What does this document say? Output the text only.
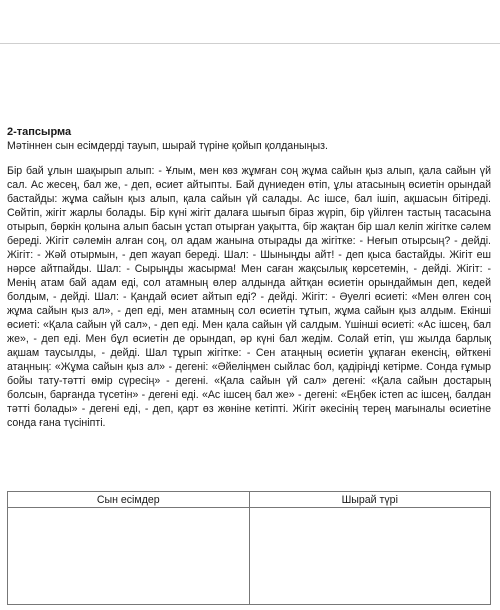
2-тапсырма

Мәтіннен сын есімдерді тауып, шырай түріне қойып қолданыңыз.

Бір бай ұлын шақырып алып: - Ұлым, мен көз жұмған соң жұма сайын қыз алып, қала сайын үй сал. Ас жесең, бал же, - деп, өсиет айтыпты. Бай дүниеден өтіп, ұлы атасының өсиетін орындай бастайды: жұма сайын қыз алып, қала сайын үй салады. Ас ішсе, бал ішіп, ақшасын бітіреді. Сөйтіп, жігіт жарлы болады. Бір күні жігіт далаға шығып біраз жүріп, бір үйілген тастың тасасына отырып, бөркін қолына алып басын ұстап отырған уақытта, бір жақтан бір шал келіп жігітке сәлем береді. Жігіт сәлемін алған соң, ол адам жанына отырады да жігітке: - Неғып отырсың? - дейді. Жігіт: - Жәй отырмын, - деп жауап береді. Шал: - Шыныңды айт! - деп қыса бастайды. Жігіт еш нәрсе айтпайды. Шал: - Сырыңды жасырма! Мен саған жақсылық көрсетемін, - дейді. Жігіт: - Менің атам бай адам еді, сол атамның өлер алдында айтқан өсиетін орындаймын деп, кедей болдым, - дейді. Шал: - Қандай өсиет айтып еді? - дейді. Жігіт: - Әуелгі өсиеті: «Мен өлген соң жұма сайын қыз ал», - деп еді, мен атамның сол өсиетін тұтып, жұма сайын қыз алдым. Екінші өсиеті: «Қала сайын үй сал», - деп еді. Мен қала сайын үй салдым. Үшінші өсиеті: «Ас ішсең, бал же», - деп еді. Мен бұл өсиетін де орындап, әр күні бал жедім. Солай етіп, үш жылда барлық ақшам таусылды, - дейді. Шал тұрып жігітке: - Сен атаңның өсиетін ұқпаған екенсің, өйткені атаңның: «Жұма сайын қыз ал» - дегені: «Әйеліңмен сыйлас бол, қадіріңді кетірме. Сонда ғұмыр бойы тату-тәтті өмір сүресің» - дегені. «Қала сайын үй сал» дегені: «Қала сайын достарың болсын, барғанда түсетін» - дегені еді. «Ас ішсең бал же» - дегені: «Еңбек істеп ас ішсең, балдан тәтті болады» - дегені еді, - деп, қарт өз жөніне кетіпті. Жігіт әкесінің терең мағыналы өсиетіне сонда ғана түсініпті.

Сын есімдер	Шырай түрі
